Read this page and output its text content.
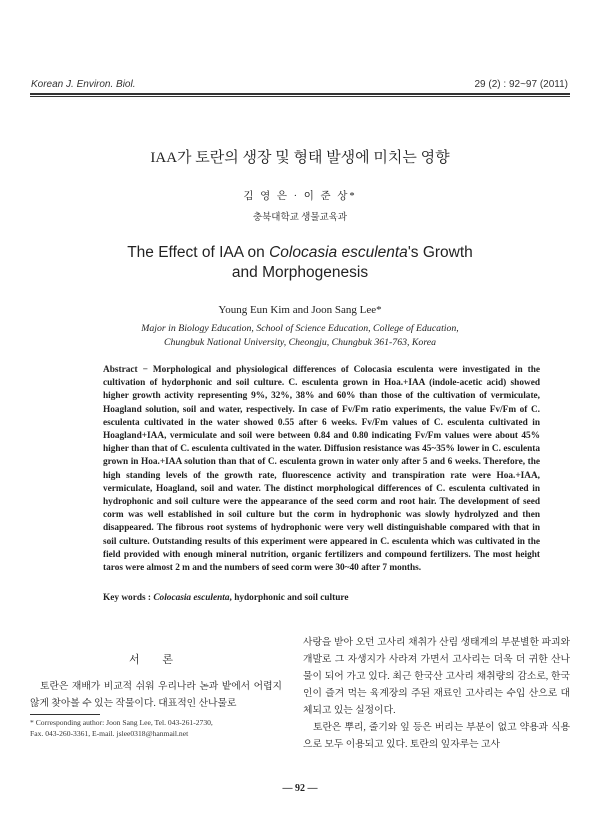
Korean J. Environ. Biol.	29 (2) : 92~97 (2011)
IAA가 토란의 생장 및 형태 발생에 미치는 영향
김 영 은 · 이 준 상*
충북대학교 생물교육과
The Effect of IAA on Colocasia esculenta's Growth
and Morphogenesis
Young Eun Kim and Joon Sang Lee*
Major in Biology Education, School of Science Education, College of Education,
Chungbuk National University, Cheongju, Chungbuk 361-763, Korea

Abstract − Morphological and physiological differences of Colocasia esculenta were investigated in the cultivation of hydorphonic and soil culture. C. esculenta grown in Hoa.+IAA (indole-acetic acid) showed higher growth activity representing 9%, 32%, 38% and 60% than those of the cultivation of vermiculate, Hoagland solution, soil and water, respectively. In case of Fv/Fm ratio experiments, the value Fv/Fm of C. esculenta cultivated in the water showed 0.55 after 6 weeks. Fv/Fm values of C. esculenta cultivated in Hoagland+IAA, vermiculate and soil were between 0.84 and 0.80 indicating Fv/Fm values were about 45% higher than that of C. esculenta cultivated in the water. Diffusion resistance was 45~35% lower in C. esculenta grown in Hoa.+IAA solution than that of C. esculenta grown in water only after 5 and 6 weeks. Therefore, the high standing levels of the growth rate, fluorescence activity and transpiration rate were Hoa.+IAA, vermiculate, Hoagland, soil and water. The distinct morphological differences of C. esculenta cultivated in hydrophonic and soil culture were the appearance of the seed corm and root hair. The development of seed corm was well established in soil culture but the corm in hydrophonic was slowly hydrolyzed and then disappeared. The fibrous root systems of hydrophonic were very well distinguishable compared with that in soil culture. Outstanding results of this experiment were appeared in C. esculenta which was cultivated in the field provided with enough mineral nutrition, organic fertilizers and compound fertilizers. The most height taros were almost 2 m and the numbers of seed corm were 30~40 after 7 months.

Key words : Colocasia esculenta, hydorphonic and soil culture
서 론

토란은 재배가 비교적 쉬워 우리나라 논과 밭에서 어렵지 않게 찾아볼 수 있는 작물이다. 대표적인 산나물로

사랑을 받아 오던 고사리 채취가 산림 생태계의 부분별한 파괴와 개발로 그 자생지가 사라져 가면서 고사리는 더욱 더 귀한 산나물이 되어 가고 있다. 최근 한국산 고사리 채취량의 감소로, 한국인이 즐겨 먹는 육계장의 주된 재료인 고사리는 수입 산으로 대체되고 있는 실정이다.

토란은 뿌리, 줄기와 잎 등은 버리는 부분이 없고 약용과 식용으로 모두 이용되고 있다. 토란의 잎자루는 고사

* Corresponding author: Joon Sang Lee, Tel. 043-261-2730,
Fax. 043-260-3361, E-mail. jslee0318@hanmail.net
— 92 —
